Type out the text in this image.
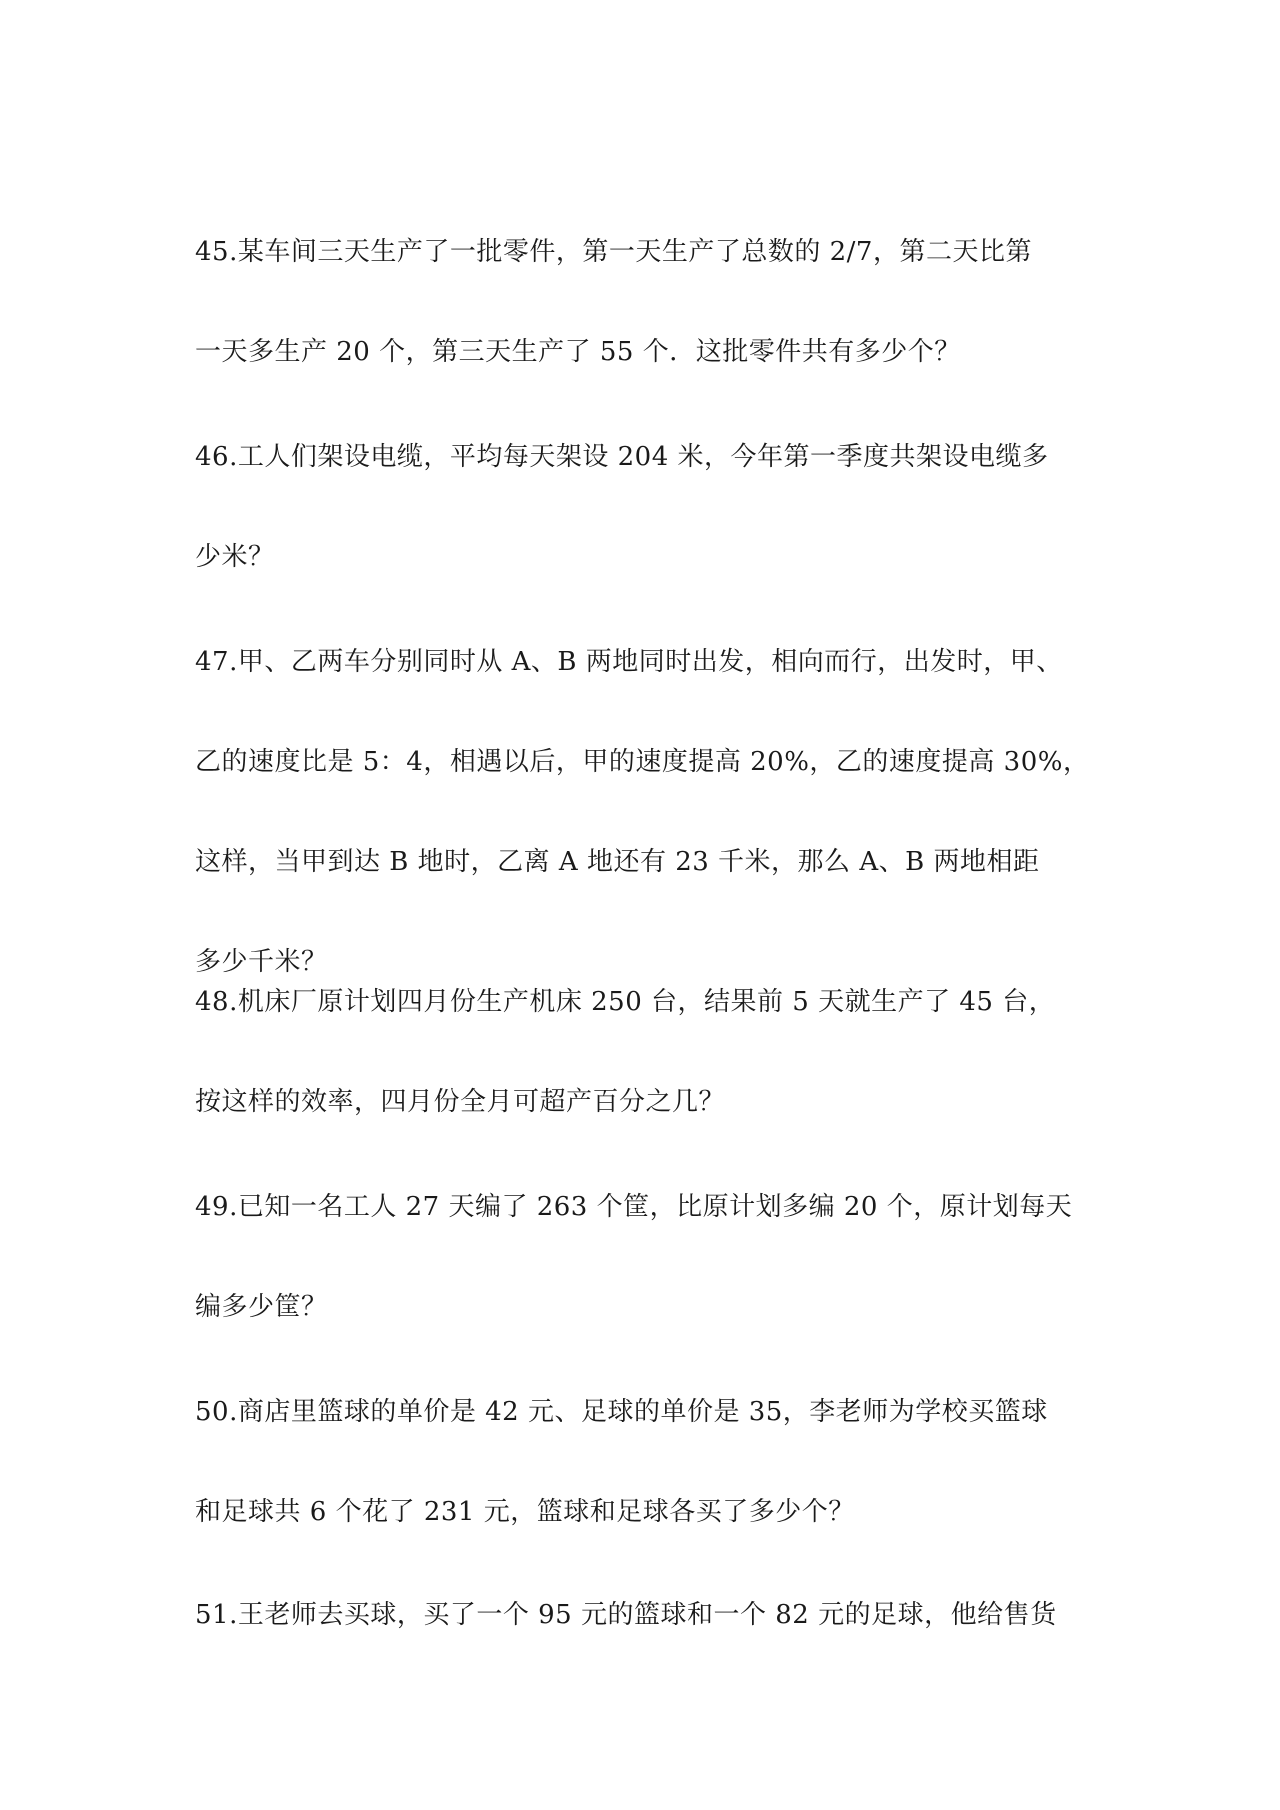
45.某车间三天生产了一批零件，第一天生产了总数的 2/7，第二天比第
一天多生产 20 个，第三天生产了 55 个．这批零件共有多少个？
46.工人们架设电缆，平均每天架设 204 米，今年第一季度共架设电缆多
少米？
47.甲、乙两车分别同时从 A、B 两地同时出发，相向而行，出发时，甲、
乙的速度比是 5：4，相遇以后，甲的速度提高 20%，乙的速度提高 30%，
这样，当甲到达 B 地时，乙离 A 地还有 23 千米，那么 A、B 两地相距
多少千米？
48.机床厂原计划四月份生产机床 250 台，结果前 5 天就生产了 45 台，
按这样的效率，四月份全月可超产百分之几？
49.已知一名工人 27 天编了 263 个筐，比原计划多编 20 个，原计划每天
编多少筐？
50.商店里篮球的单价是 42 元、足球的单价是 35，李老师为学校买篮球
和足球共 6 个花了 231 元，篮球和足球各买了多少个？
51.王老师去买球，买了一个 95 元的篮球和一个 82 元的足球，他给售货
